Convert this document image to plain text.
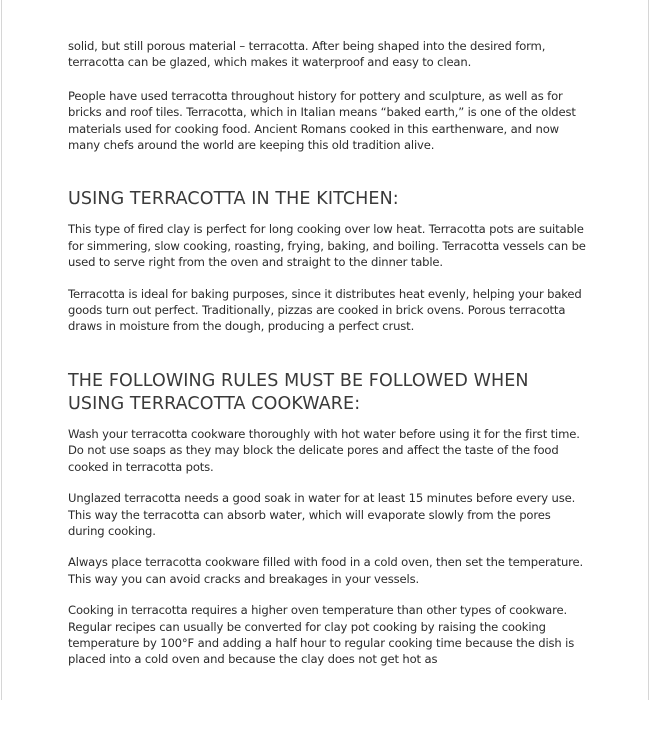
solid, but still porous material – terracotta. After being shaped into the desired form, terracotta can be glazed, which makes it waterproof and easy to clean.

People have used terracotta throughout history for pottery and sculpture, as well as for bricks and roof tiles. Terracotta, which in Italian means “baked earth,” is one of the oldest materials used for cooking food. Ancient Romans cooked in this earthenware, and now many chefs around the world are keeping this old tradition alive.

USING TERRACOTTA IN THE KITCHEN:

This type of fired clay is perfect for long cooking over low heat. Terracotta pots are suitable for simmering, slow cooking, roasting, frying, baking, and boiling. Terracotta vessels can be used to serve right from the oven and straight to the dinner table.

Terracotta is ideal for baking purposes, since it distributes heat evenly, helping your baked goods turn out perfect. Traditionally, pizzas are cooked in brick ovens. Porous terracotta draws in moisture from the dough, producing a perfect crust.

THE FOLLOWING RULES MUST BE FOLLOWED WHEN USING TERRACOTTA COOKWARE:

Wash your terracotta cookware thoroughly with hot water before using it for the first time. Do not use soaps as they may block the delicate pores and affect the taste of the food cooked in terracotta pots.

Unglazed terracotta needs a good soak in water for at least 15 minutes before every use. This way the terracotta can absorb water, which will evaporate slowly from the pores during cooking.

Always place terracotta cookware filled with food in a cold oven, then set the temperature. This way you can avoid cracks and breakages in your vessels.

Cooking in terracotta requires a higher oven temperature than other types of cookware. Regular recipes can usually be converted for clay pot cooking by raising the cooking temperature by 100°F and adding a half hour to regular cooking time because the dish is placed into a cold oven and because the clay does not get hot as
